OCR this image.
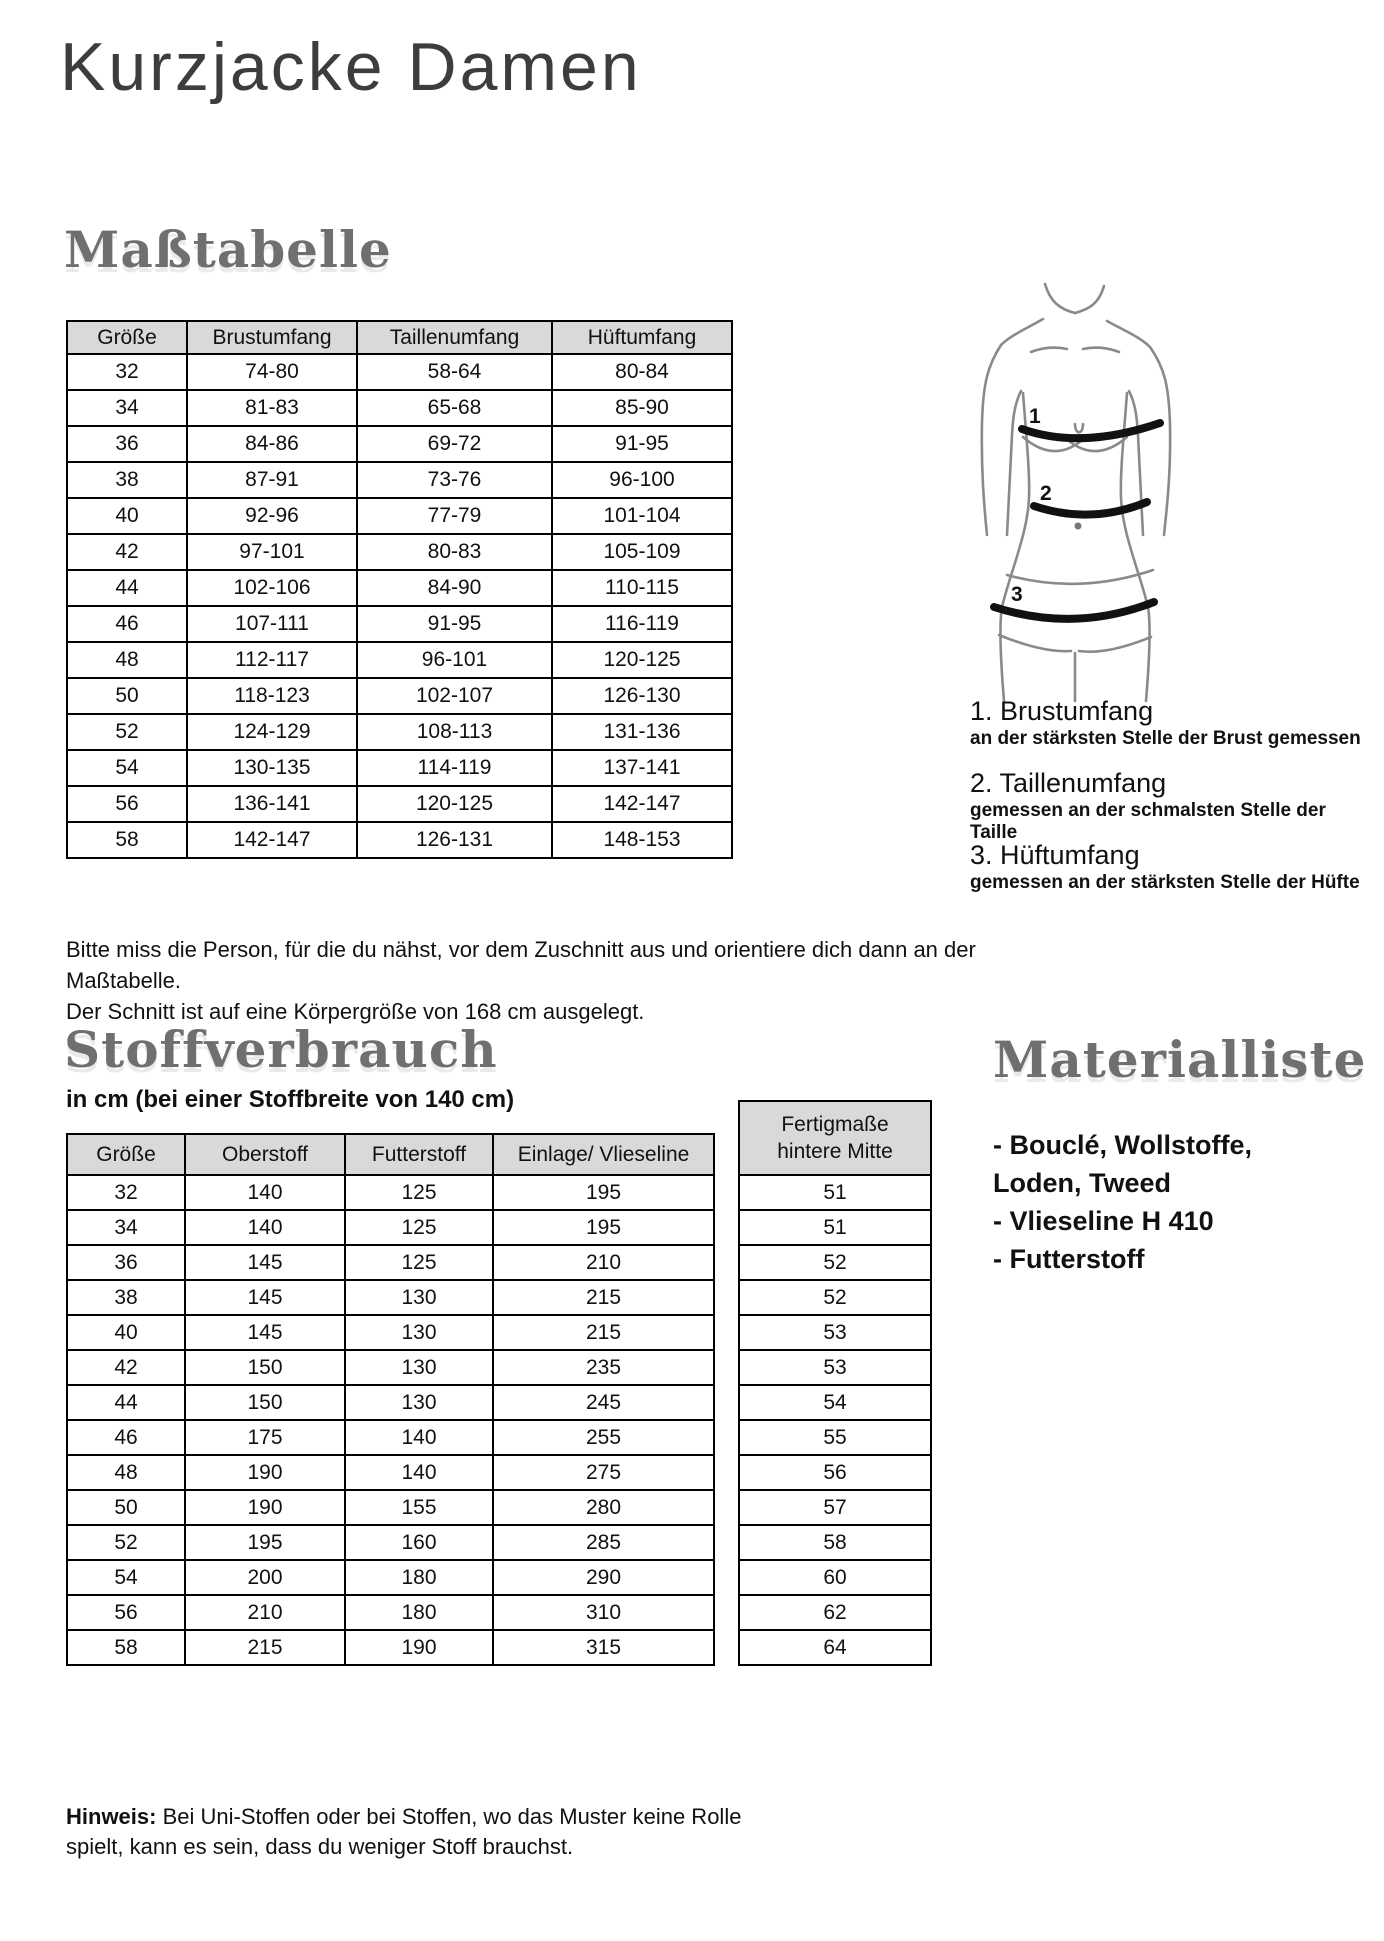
Kurzjacke Damen
Maßtabelle
Größe	Brustumfang	Taillenumfang	Hüftumfang
32	74-80	58-64	80-84
34	81-83	65-68	85-90
36	84-86	69-72	91-95
38	87-91	73-76	96-100
40	92-96	77-79	101-104
42	97-101	80-83	105-109
44	102-106	84-90	110-115
46	107-111	91-95	116-119
48	112-117	96-101	120-125
50	118-123	102-107	126-130
52	124-129	108-113	131-136
54	130-135	114-119	137-141
56	136-141	120-125	142-147
58	142-147	126-131	148-153
1
2
3
1. Brustumfang
an der stärksten Stelle der Brust gemessen
2. Taillenumfang
gemessen an der schmalsten Stelle der Taille
3. Hüftumfang
gemessen an der stärksten Stelle der Hüfte
Bitte miss die Person, für die du nähst, vor dem Zuschnitt aus und orientiere dich dann an der Maßtabelle.
Der Schnitt ist auf eine Körpergröße von 168 cm ausgelegt.
Stoffverbrauch
in cm (bei einer Stoffbreite von 140 cm)
Größe	Oberstoff	Futterstoff	Einlage/ Vlieseline
32	140	125	195
34	140	125	195
36	145	125	210
38	145	130	215
40	145	130	215
42	150	130	235
44	150	130	245
46	175	140	255
48	190	140	275
50	190	155	280
52	195	160	285
54	200	180	290
56	210	180	310
58	215	190	315
Fertigmaße
hintere Mitte

51
51
52
52
53
53
54
55
56
57
58
60
62
64
Materialliste
- Bouclé, Wollstoffe,
Loden, Tweed
- Vlieseline H 410
- Futterstoff
Hinweis: Bei Uni-Stoffen oder bei Stoffen, wo das Muster keine Rolle
spielt, kann es sein, dass du weniger Stoff brauchst.
